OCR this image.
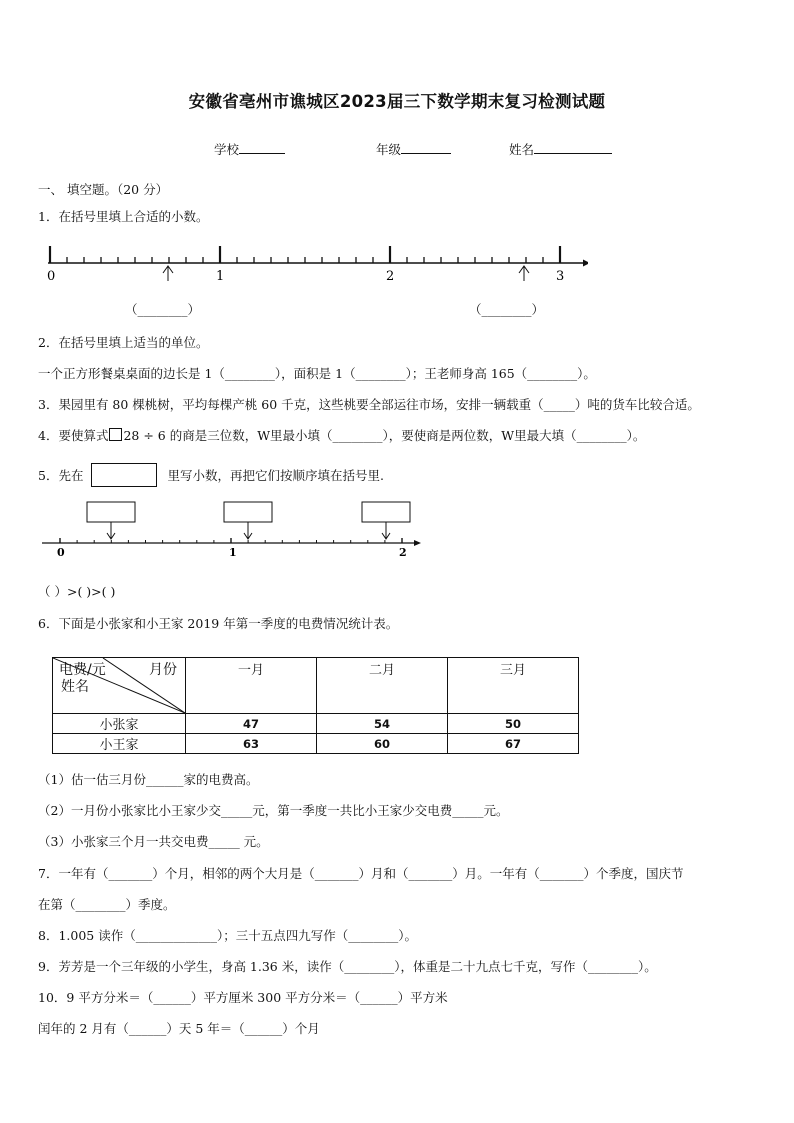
安徽省亳州市谯城区2023届三下数学期末复习检测试题
学校	年级	姓名
一、 填空题。（20 分）
1．在括号里填上合适的小数。
0	1	2	3
（________）	（________）
2．在括号里填上适当的单位。
一个正方形餐桌桌面的边长是 1（________），面积是 1（________）；王老师身高 165（________）。
3．果园里有 80 棵桃树，平均每棵产桃 60 千克，这些桃要全部运往市场，安排一辆载重（_____）吨的货车比较合适。
4．要使算式 28 ÷ 6 的商是三位数，W里最小填（________），要使商是两位数，W里最大填（________）。
5．先在	里写小数，再把它们按顺序填在括号里.
0	1	2
（ ）>( )>( )
6．下面是小张家和小王家 2019 年第一季度的电费情况统计表。
电费/元 月份
姓名	一月	二月	三月
小张家	47	54	50
小王家	63	60	67
（1）估一估三月份______家的电费高。
（2）一月份小张家比小王家少交_____元，第一季度一共比小王家少交电费_____元。
（3）小张家三个月一共交电费_____ 元。
7．一年有（_______）个月，相邻的两个大月是（_______）月和（_______）月。一年有（_______）个季度，国庆节
在第（________）季度。
8．1.005 读作（_____________）；三十五点四九写作（________）。
9．芳芳是一个三年级的小学生，身高 1.36 米，读作（________），体重是二十九点七千克，写作（________）。
10．9 平方分米＝（______）平方厘米 300 平方分米＝（______）平方米
闰年的 2 月有（______）天 5 年＝（______）个月
